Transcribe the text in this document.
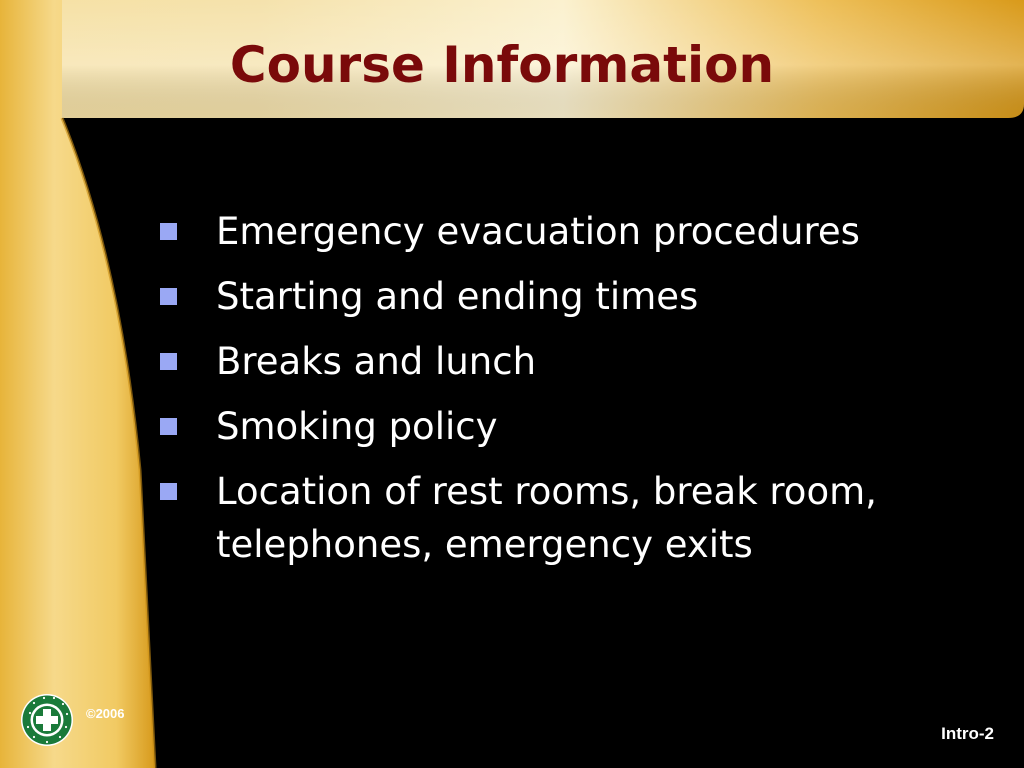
Course Information
Emergency evacuation procedures
Starting and ending times
Breaks and lunch
Smoking policy
Location of rest rooms, break room, telephones, emergency exits
©2006
Intro-2
